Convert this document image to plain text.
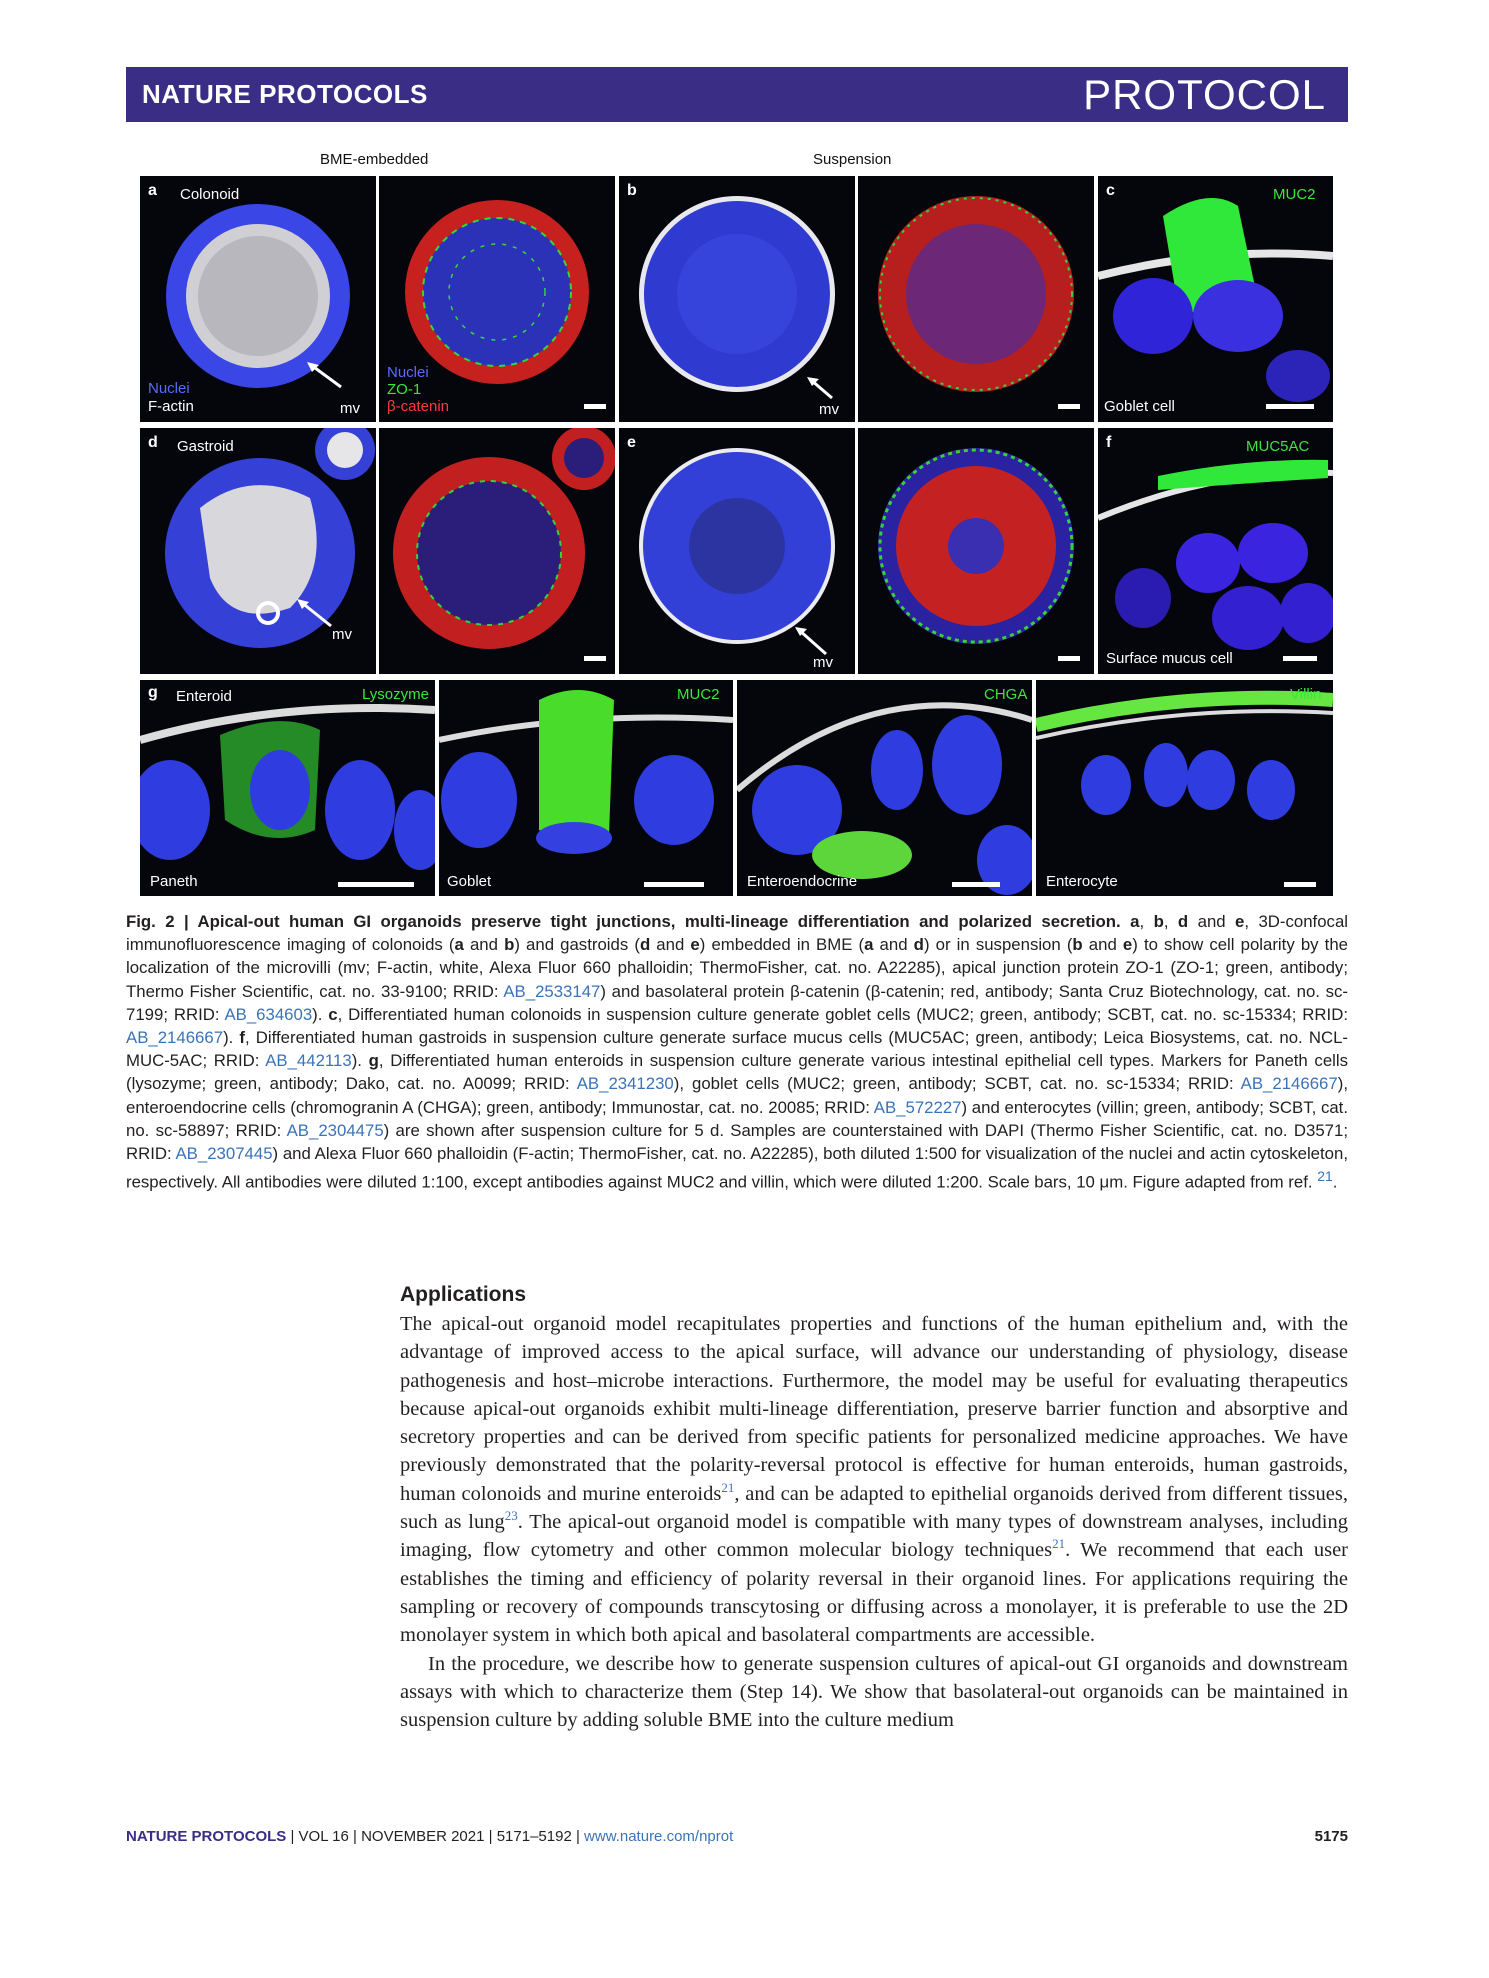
NATURE PROTOCOLS	PROTOCOL
BME-embedded	Suspension
a Colonoid
Nuclei
F-actin	mv
Nuclei
ZO-1
β-catenin
b
mv
c	MUC2
Goblet cell
d Gastroid
mv
e
mv
f	MUC5AC
Surface mucus cell
g Enteroid	Lysozyme
Paneth
MUC2
Goblet
CHGA
Enteroendocrine
Villin
Enterocyte
Fig. 2 | Apical-out human GI organoids preserve tight junctions, multi-lineage differentiation and polarized secretion. a, b, d and e, 3D-confocal immunofluorescence imaging of colonoids (a and b) and gastroids (d and e) embedded in BME (a and d) or in suspension (b and e) to show cell polarity by the localization of the microvilli (mv; F-actin, white, Alexa Fluor 660 phalloidin; ThermoFisher, cat. no. A22285), apical junction protein ZO-1 (ZO-1; green, antibody; Thermo Fisher Scientific, cat. no. 33-9100; RRID: AB_2533147) and basolateral protein β-catenin (β-catenin; red, antibody; Santa Cruz Biotechnology, cat. no. sc-7199; RRID: AB_634603). c, Differentiated human colonoids in suspension culture generate goblet cells (MUC2; green, antibody; SCBT, cat. no. sc-15334; RRID: AB_2146667). f, Differentiated human gastroids in suspension culture generate surface mucus cells (MUC5AC; green, antibody; Leica Biosystems, cat. no. NCL-MUC-5AC; RRID: AB_442113). g, Differentiated human enteroids in suspension culture generate various intestinal epithelial cell types. Markers for Paneth cells (lysozyme; green, antibody; Dako, cat. no. A0099; RRID: AB_2341230), goblet cells (MUC2; green, antibody; SCBT, cat. no. sc-15334; RRID: AB_2146667), enteroendocrine cells (chromogranin A (CHGA); green, antibody; Immunostar, cat. no. 20085; RRID: AB_572227) and enterocytes (villin; green, antibody; SCBT, cat. no. sc-58897; RRID: AB_2304475) are shown after suspension culture for 5 d. Samples are counterstained with DAPI (Thermo Fisher Scientific, cat. no. D3571; RRID: AB_2307445) and Alexa Fluor 660 phalloidin (F-actin; ThermoFisher, cat. no. A22285), both diluted 1:500 for visualization of the nuclei and actin cytoskeleton, respectively. All antibodies were diluted 1:100, except antibodies against MUC2 and villin, which were diluted 1:200. Scale bars, 10 μm. Figure adapted from ref. $^{21}$.
Applications

The apical-out organoid model recapitulates properties and functions of the human epithelium and, with the advantage of improved access to the apical surface, will advance our understanding of physiology, disease pathogenesis and host–microbe interactions. Furthermore, the model may be useful for evaluating therapeutics because apical-out organoids exhibit multi-lineage differentiation, preserve barrier function and absorptive and secretory properties and can be derived from specific patients for personalized medicine approaches. We have previously demonstrated that the polarity-reversal protocol is effective for human enteroids, human gastroids, human colonoids and murine enteroids$^{21}$, and can be adapted to epithelial organoids derived from different tissues, such as lung$^{23}$. The apical-out organoid model is compatible with many types of downstream analyses, including imaging, flow cytometry and other common molecular biology techniques$^{21}$. We recommend that each user establishes the timing and efficiency of polarity reversal in their organoid lines. For applications requiring the sampling or recovery of compounds transcytosing or diffusing across a monolayer, it is preferable to use the 2D monolayer system in which both apical and basolateral compartments are accessible.

In the procedure, we describe how to generate suspension cultures of apical-out GI organoids and downstream assays with which to characterize them (Step 14). We show that basolateral-out organoids can be maintained in suspension culture by adding soluble BME into the culture medium

NATURE PROTOCOLS | VOL 16 | NOVEMBER 2021 | 5171–5192 | www.nature.com/nprot	5175
